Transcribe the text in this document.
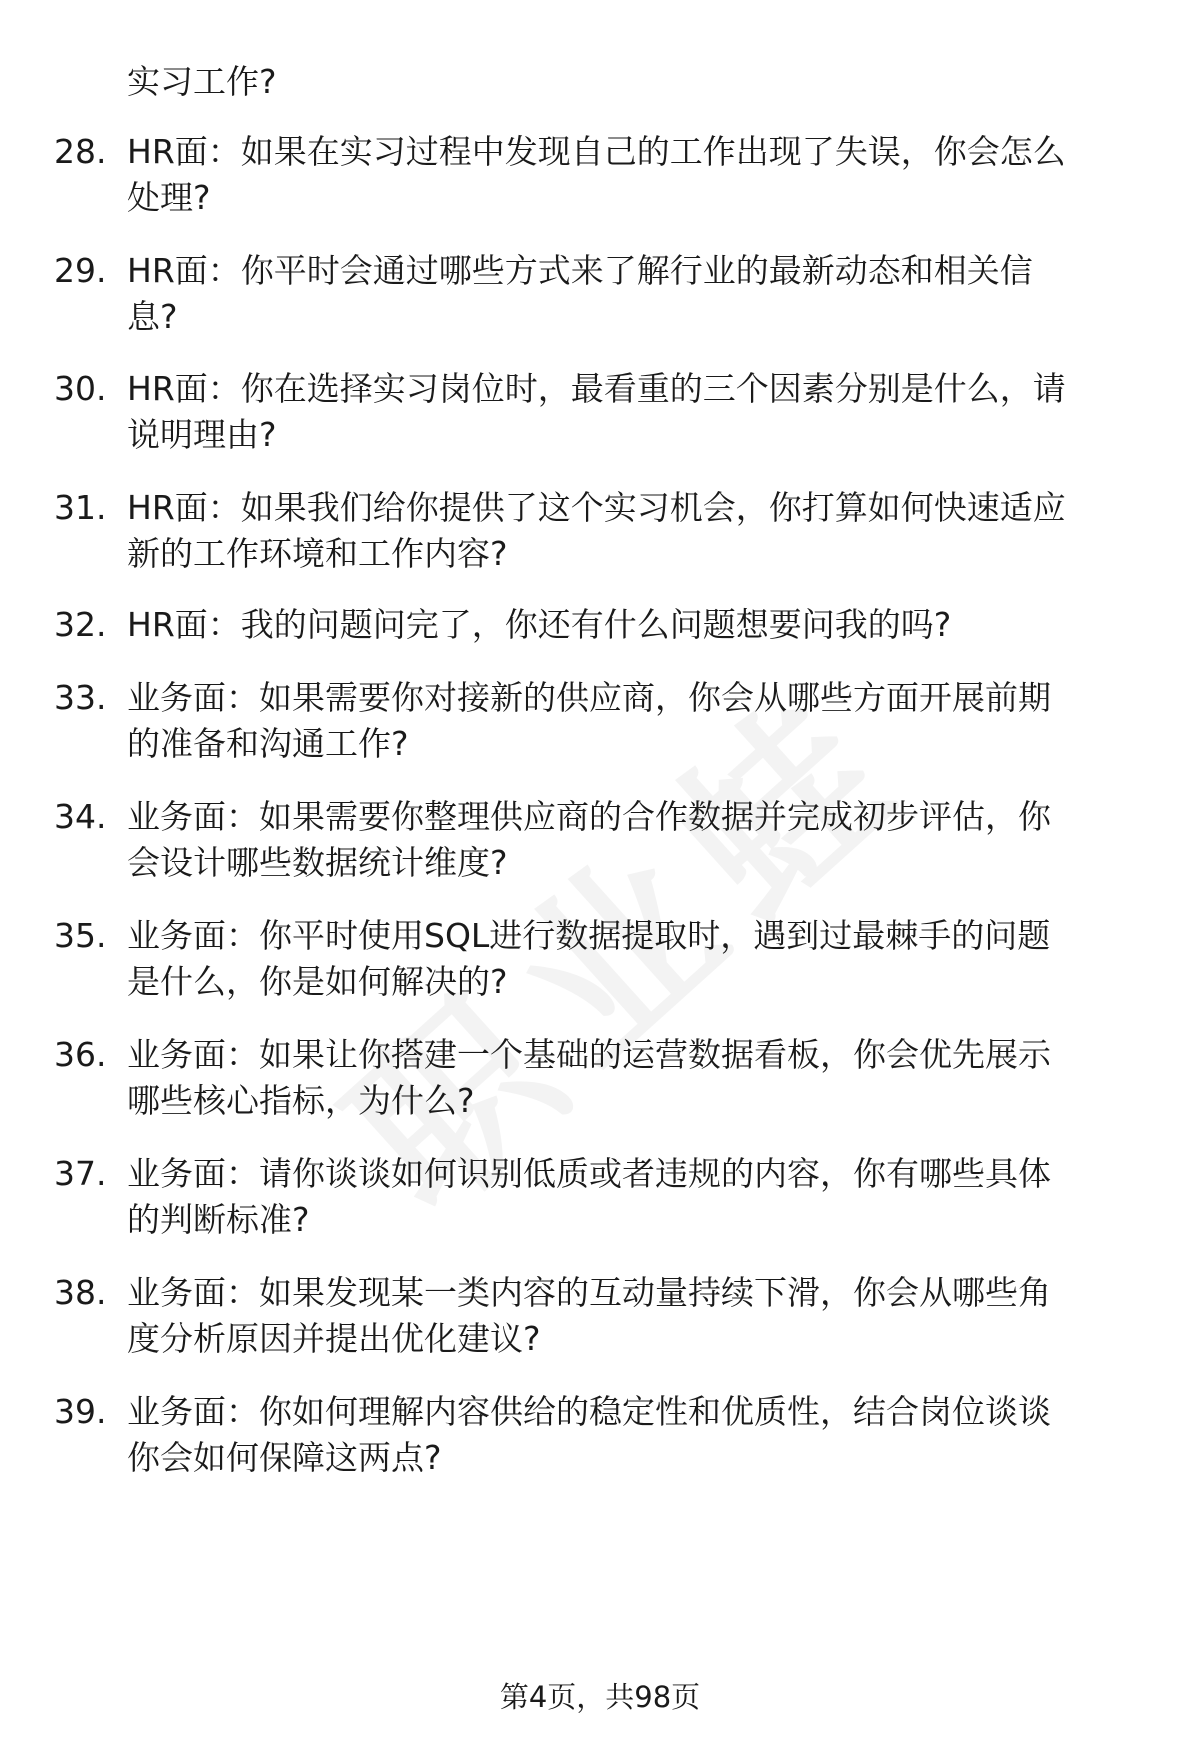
实习工作?
28. HR面：如果在实习过程中发现自己的工作出现了失误，你会怎么
处理?
29. HR面：你平时会通过哪些方式来了解行业的最新动态和相关信
息?
30. HR面：你在选择实习岗位时，最看重的三个因素分别是什么，请
说明理由?
31. HR面：如果我们给你提供了这个实习机会，你打算如何快速适应
新的工作环境和工作内容?
32. HR面：我的问题问完了，你还有什么问题想要问我的吗?
33. 业务面：如果需要你对接新的供应商，你会从哪些方面开展前期
的准备和沟通工作?
34. 业务面：如果需要你整理供应商的合作数据并完成初步评估，你
会设计哪些数据统计维度?
35. 业务面：你平时使用SQL进行数据提取时，遇到过最棘手的问题
是什么，你是如何解决的?
36. 业务面：如果让你搭建一个基础的运营数据看板，你会优先展示
哪些核心指标，为什么?
37. 业务面：请你谈谈如何识别低质或者违规的内容，你有哪些具体
的判断标准?
38. 业务面：如果发现某一类内容的互动量持续下滑，你会从哪些角
度分析原因并提出优化建议?
39. 业务面：你如何理解内容供给的稳定性和优质性，结合岗位谈谈
你会如何保障这两点?
第4页，共98页
